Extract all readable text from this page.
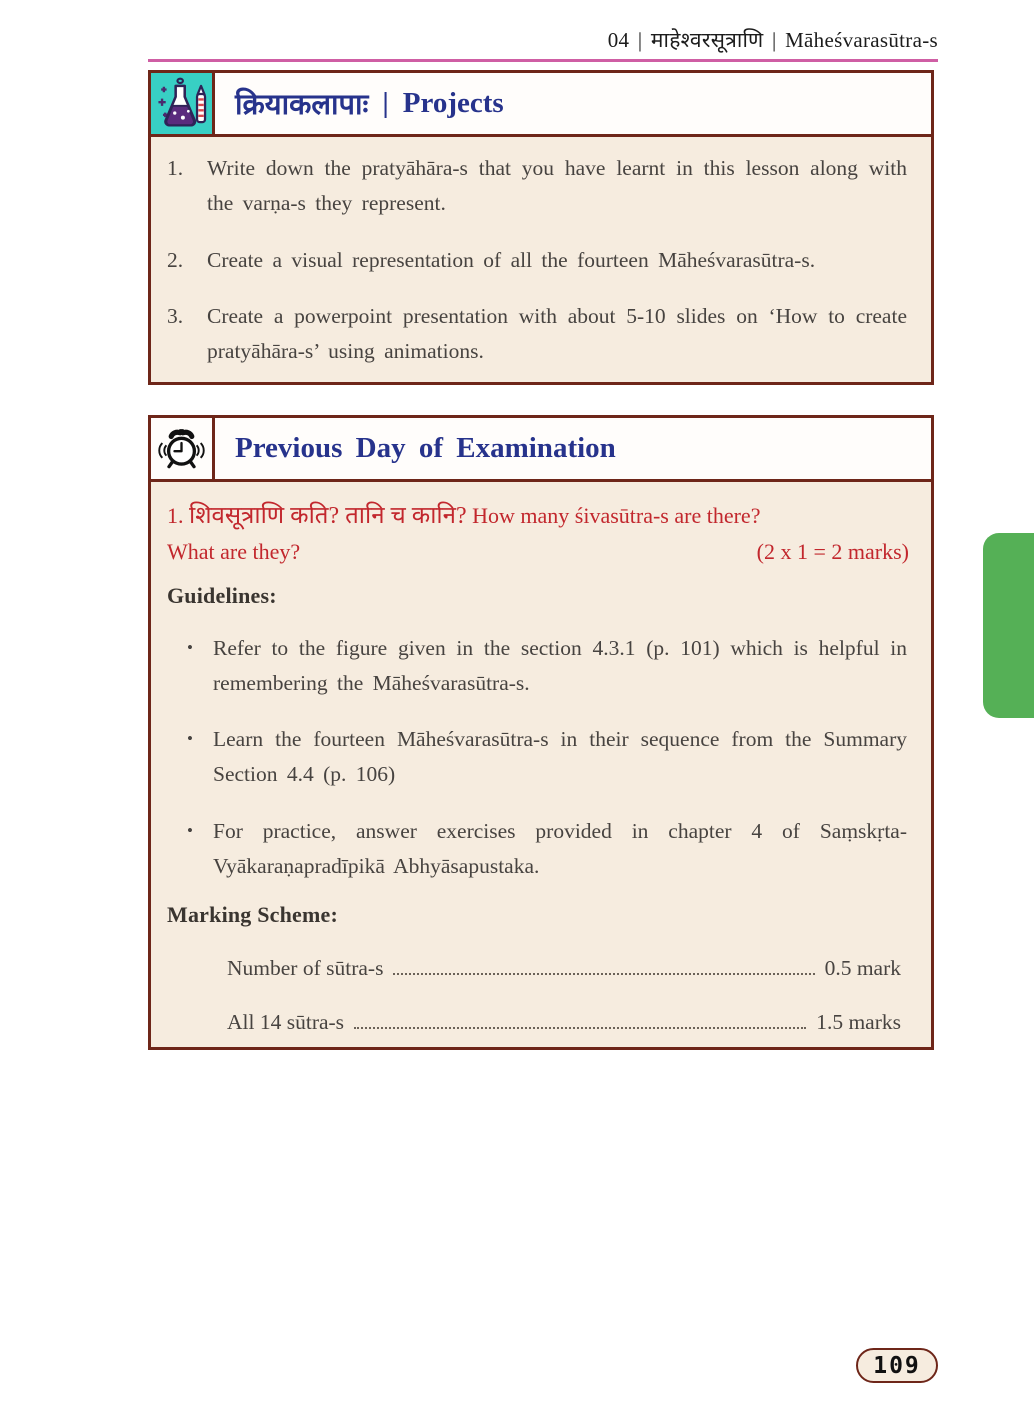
04 | माहेश्वरसूत्राणि | Māheśvarasūtra-s
क्रियाकलापाः | Projects
1.	Write down the pratyāhāra-s that you have learnt in this lesson along with the varṇa-s they represent.
2.	Create a visual representation of all the fourteen Māheśvarasūtra-s.
3.	Create a powerpoint presentation with about 5-10 slides on ‘How to create pratyāhāra-s’ using animations.
Previous Day of Examination
1. शिवसूत्राणि कति? तानि च कानि? How many śivasūtra-s are there?
What are they?	(2 x 1 = 2 marks)
Guidelines:
• Refer to the figure given in the section 4.3.1 (p. 101) which is helpful in remembering the Māheśvarasūtra-s.
• Learn the fourteen Māheśvarasūtra-s in their sequence from the Summary Section 4.4 (p. 106)
• For practice, answer exercises provided in chapter 4 of Saṃskṛta-Vyākaraṇapradīpikā Abhyāsapustaka.
Marking Scheme:
Number of sūtra-s	0.5 mark
All 14 sūtra-s	1.5 marks
109
